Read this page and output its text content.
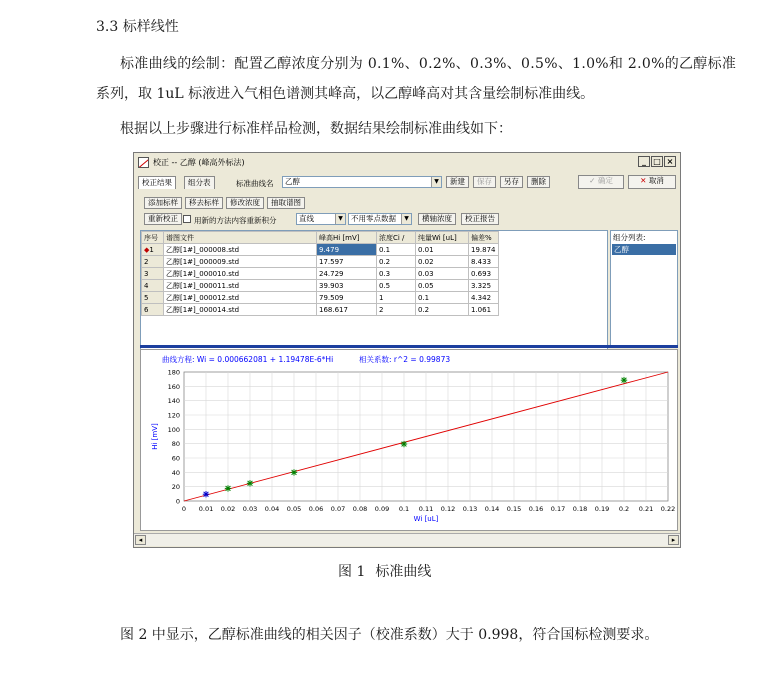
3.3 标样线性
标准曲线的绘制：配置乙醇浓度分别为 0.1%、0.2%、0.3%、0.5%、1.0%和 2.0%的乙醇标准
系列，取 1uL 标液进入气相色谱测其峰高，以乙醇峰高对其含量绘制标准曲线。
根据以上步骤进行标准样品检测，数据结果绘制标准曲线如下：
校正 -- 乙醇 (峰高外标法)	_ □ ×
校正结果	组分表	标准曲线名	乙醇	▼	新建	保存	另存	删除	✓ 确定	✕ 取消
添加标样	移去标样	修改浓度	抽取谱图
重新校正	用新的方法内容重新积分	直线	▼	不用零点数据	▼	横轴浓度	校正报告
序号	谱图文件	峰高Hi [mV]	浓度Ci /	纯量Wi [uL]	偏差%
◆1	乙醇[1#]_000008.std	9.479	0.1	0.01	19.874
2	乙醇[1#]_000009.std	17.597	0.2	0.02	8.433
3	乙醇[1#]_000010.std	24.729	0.3	0.03	0.693
4	乙醇[1#]_000011.std	39.903	0.5	0.05	3.325
5	乙醇[1#]_000012.std	79.509	1	0.1	4.342
6	乙醇[1#]_000014.std	168.617	2	0.2	1.061

组分列表:
乙醇
曲线方程: Wi = 0.000662081 + 1.19478E-6*Hi	相关系数: r^2 = 0.99873
0 0.01 0.02 0.03 0.04 0.05 0.06 0.07 0.08 0.09 0.1 0.11 0.12 0.13 0.14 0.15 0.16 0.17 0.18 0.19 0.2 0.21 0.22
0
20
40
60
80
100
120
140
160
180
Wi [uL]
Hi [mV]
◂	▸
图 1 标准曲线
图 2 中显示，乙醇标准曲线的相关因子（校准系数）大于 0.998，符合国标检测要求。
